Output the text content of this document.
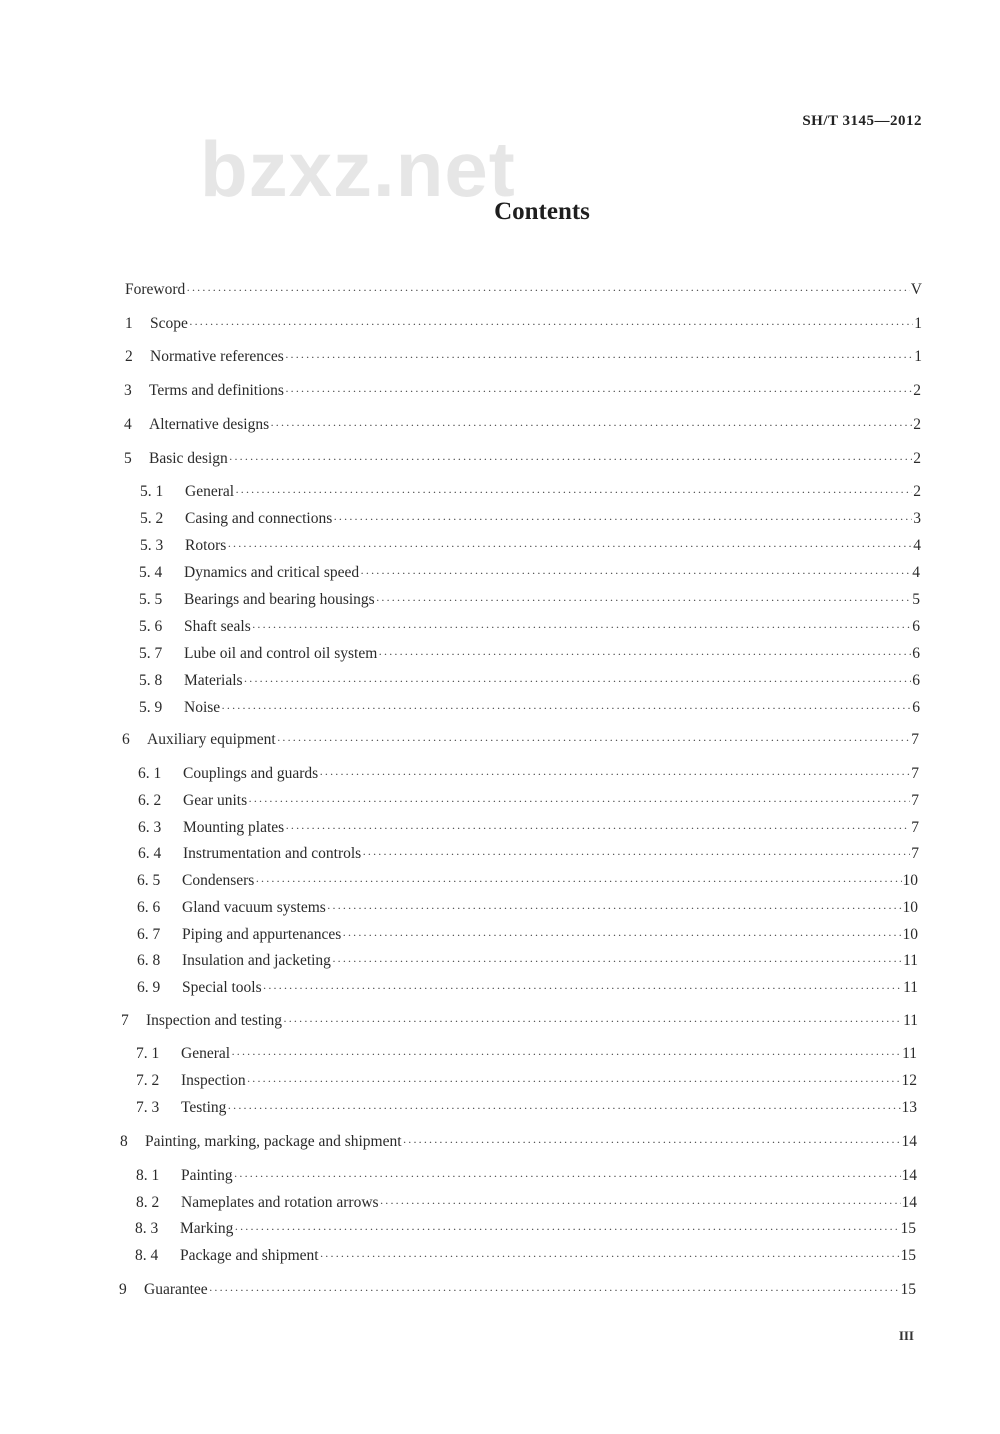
SH/T 3145—2012
bzxz.net
Contents
Foreword ·····	V
1	Scope ·····	1
2	Normative references ·····	1
3	Terms and definitions ·····	2
4	Alternative designs ·····	2
5	Basic design ·····	2
5. 1	General ·····	2
5. 2	Casing and connections ·····	3
5. 3	Rotors ·····	4
5. 4	Dynamics and critical speed ·····	4
5. 5	Bearings and bearing housings ·····	5
5. 6	Shaft seals ·····	6
5. 7	Lube oil and control oil system ·····	6
5. 8	Materials ·····	6
5. 9	Noise ·····	6
6	Auxiliary equipment ·····	7
6. 1	Couplings and guards ·····	7
6. 2	Gear units ·····	7
6. 3	Mounting plates ·····	7
6. 4	Instrumentation and controls ·····	7
6. 5	Condensers ·····	10
6. 6	Gland vacuum systems ·····	10
6. 7	Piping and appurtenances ·····	10
6. 8	Insulation and jacketing ·····	11
6. 9	Special tools ·····	11
7	Inspection and testing ·····	11
7. 1	General ·····	11
7. 2	Inspection ·····	12
7. 3	Testing ·····	13
8	Painting, marking, package and shipment ·····	14
8. 1	Painting ·····	14
8. 2	Nameplates and rotation arrows ·····	14
8. 3	Marking ·····	15
8. 4	Package and shipment ·····	15
9	Guarantee ·····	15
III
